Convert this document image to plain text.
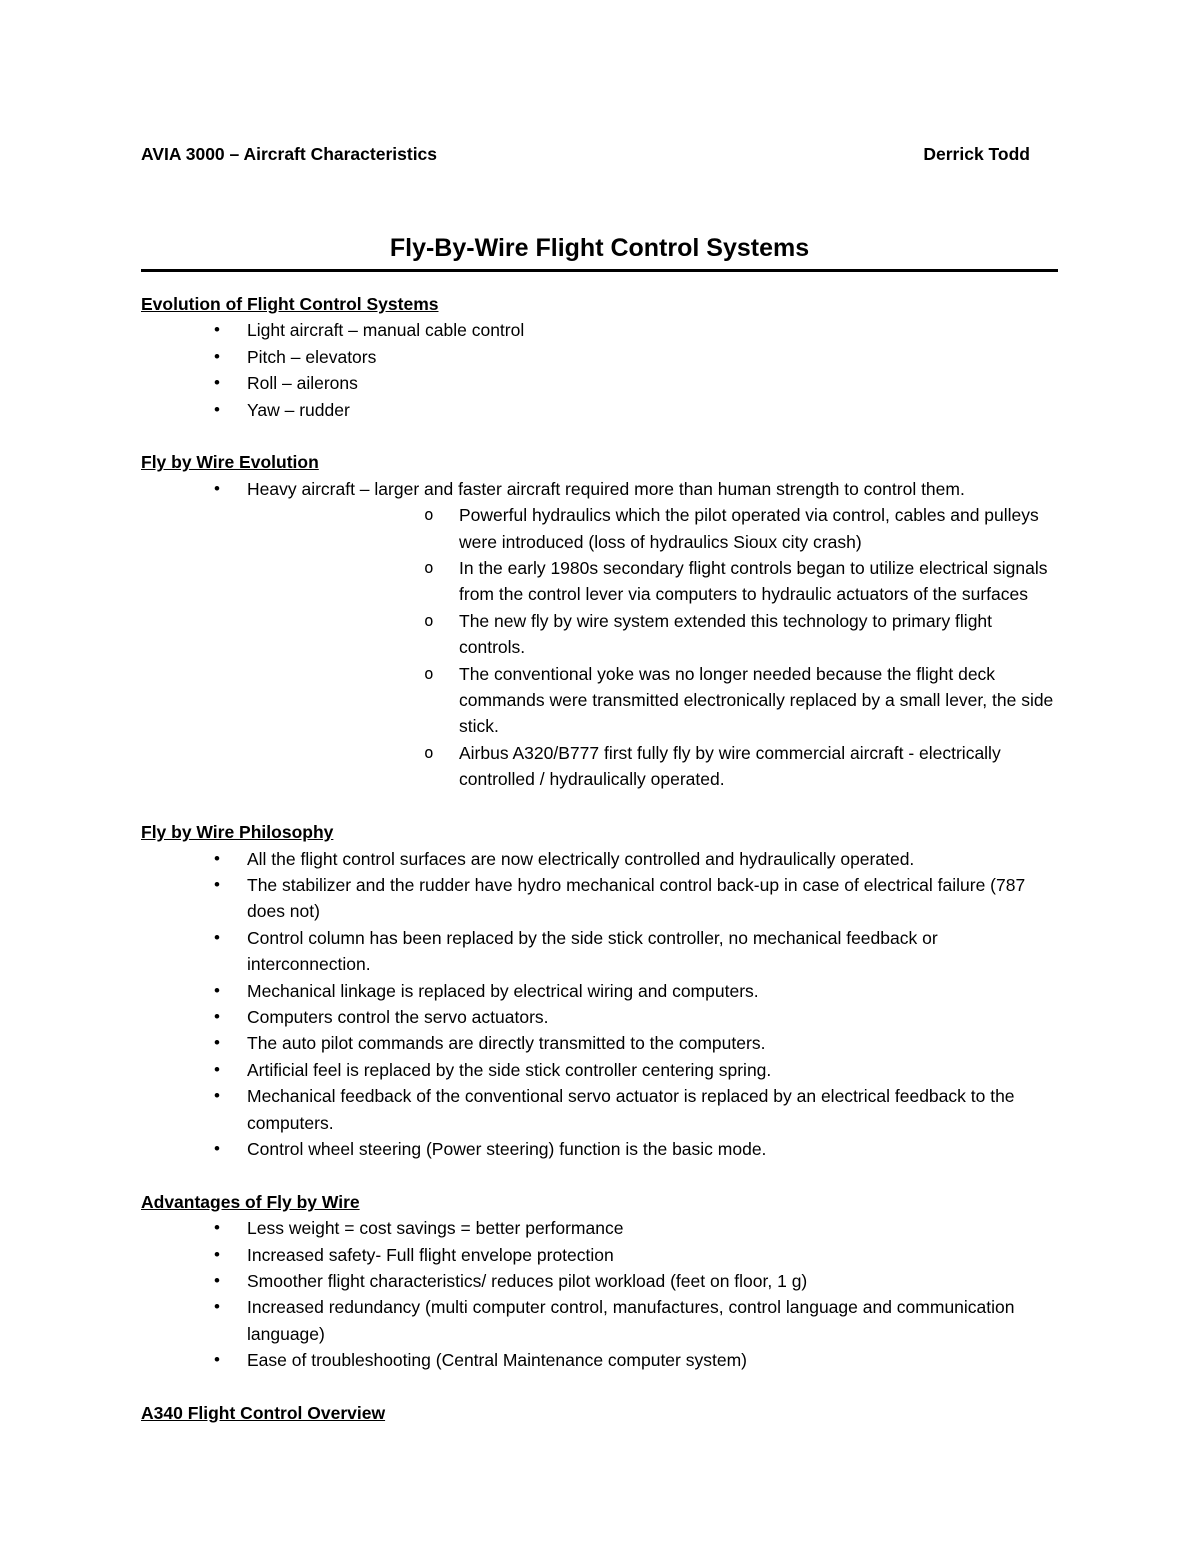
AVIA 3000 – Aircraft Characteristics	Derrick Todd
Fly-By-Wire Flight Control Systems
Evolution of Flight Control Systems
• Light aircraft – manual cable control
• Pitch – elevators
• Roll – ailerons
• Yaw – rudder
Fly by Wire Evolution
• Heavy aircraft – larger and faster aircraft required more than human strength to control them.
o Powerful hydraulics which the pilot operated via control, cables and pulleys were introduced (loss of hydraulics Sioux city crash)
o In the early 1980s secondary flight controls began to utilize electrical signals from the control lever via computers to hydraulic actuators of the surfaces
o The new fly by wire system extended this technology to primary flight controls.
o The conventional yoke was no longer needed because the flight deck commands were transmitted electronically replaced by a small lever, the side stick.
o Airbus A320/B777 first fully fly by wire commercial aircraft - electrically controlled / hydraulically operated.
Fly by Wire Philosophy
• All the flight control surfaces are now electrically controlled and hydraulically operated.
• The stabilizer and the rudder have hydro mechanical control back-up in case of electrical failure (787 does not)
• Control column has been replaced by the side stick controller, no mechanical feedback or interconnection.
• Mechanical linkage is replaced by electrical wiring and computers.
• Computers control the servo actuators.
• The auto pilot commands are directly transmitted to the computers.
• Artificial feel is replaced by the side stick controller centering spring.
• Mechanical feedback of the conventional servo actuator is replaced by an electrical feedback to the computers.
• Control wheel steering (Power steering) function is the basic mode.
Advantages of Fly by Wire
• Less weight = cost savings = better performance
• Increased safety- Full flight envelope protection
• Smoother flight characteristics/ reduces pilot workload (feet on floor, 1 g)
• Increased redundancy (multi computer control, manufactures, control language and communication language)
• Ease of troubleshooting (Central Maintenance computer system)
A340 Flight Control Overview
